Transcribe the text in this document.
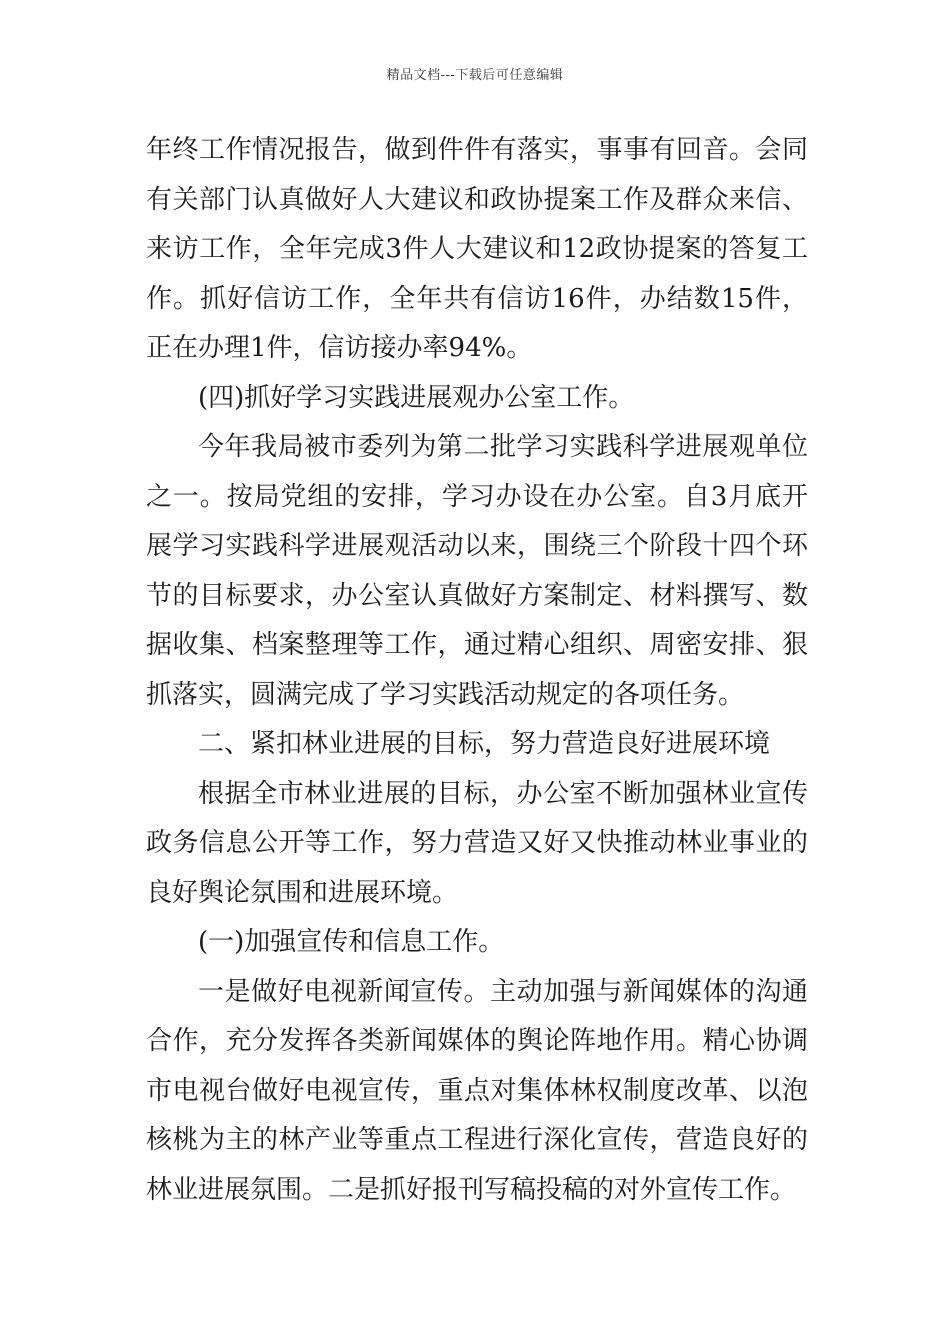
精品文档---下载后可任意编辑

年终工作情况报告，做到件件有落实，事事有回音。会同有关部门认真做好人大建议和政协提案工作及群众来信、来访工作，全年完成3件人大建议和12政协提案的答复工作。抓好信访工作，全年共有信访16件，办结数15件，正在办理1件，信访接办率94%。

(四)抓好学习实践进展观办公室工作。

今年我局被市委列为第二批学习实践科学进展观单位之一。按局党组的安排，学习办设在办公室。自3月底开展学习实践科学进展观活动以来，围绕三个阶段十四个环节的目标要求，办公室认真做好方案制定、材料撰写、数据收集、档案整理等工作，通过精心组织、周密安排、狠抓落实，圆满完成了学习实践活动规定的各项任务。

二、紧扣林业进展的目标，努力营造良好进展环境

根据全市林业进展的目标，办公室不断加强林业宣传政务信息公开等工作，努力营造又好又快推动林业事业的良好舆论氛围和进展环境。

(一)加强宣传和信息工作。

一是做好电视新闻宣传。主动加强与新闻媒体的沟通合作，充分发挥各类新闻媒体的舆论阵地作用。精心协调市电视台做好电视宣传，重点对集体林权制度改革、以泡核桃为主的林产业等重点工程进行深化宣传，营造良好的林业进展氛围。二是抓好报刊写稿投稿的对外宣传工作。
